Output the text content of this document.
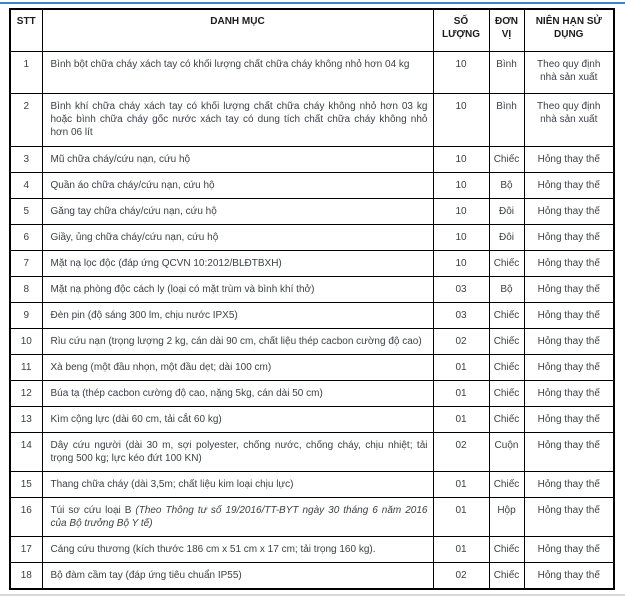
STT	DANH MỤC	SỐ LƯỢNG	ĐƠN VỊ	NIÊN HẠN SỬ DỤNG
1	Bình bột chữa cháy xách tay có khối lượng chất chữa cháy không nhỏ hơn 04 kg	10	Bình	Theo quy định nhà sản xuất
2	Bình khí chữa cháy xách tay có khối lượng chất chữa cháy không nhỏ hơn 03 kg hoặc bình chữa cháy gốc nước xách tay có dung tích chất chữa cháy không nhỏ hơn 06 lít	10	Bình	Theo quy định nhà sản xuất
3	Mũ chữa cháy/cứu nạn, cứu hộ	10	Chiếc	Hỏng thay thế
4	Quần áo chữa cháy/cứu nạn, cứu hộ	10	Bộ	Hỏng thay thế
5	Găng tay chữa cháy/cứu nạn, cứu hộ	10	Đôi	Hỏng thay thế
6	Giầy, ủng chữa cháy/cứu nạn, cứu hộ	10	Đôi	Hỏng thay thế
7	Mặt nạ lọc độc (đáp ứng QCVN 10:2012/BLĐTBXH)	10	Chiếc	Hỏng thay thế
8	Mặt nạ phòng độc cách ly (loại có mặt trùm và bình khí thở)	03	Bộ	Hỏng thay thế
9	Đèn pin (độ sáng 300 lm, chịu nước IPX5)	03	Chiếc	Hỏng thay thế
10	Rìu cứu nạn (trọng lượng 2 kg, cán dài 90 cm, chất liệu thép cacbon cường độ cao)	02	Chiếc	Hỏng thay thế
11	Xà beng (một đầu nhọn, một đầu dẹt; dài 100 cm)	01	Chiếc	Hỏng thay thế
12	Búa tạ (thép cacbon cường độ cao, nặng 5kg, cán dài 50 cm)	01	Chiếc	Hỏng thay thế
13	Kìm cộng lực (dài 60 cm, tải cắt 60 kg)	01	Chiếc	Hỏng thay thế
14	Dây cứu người (dài 30 m, sợi polyester, chống nước, chống cháy, chịu nhiệt; tải trọng 500 kg; lực kéo đứt 100 KN)	02	Cuộn	Hỏng thay thế
15	Thang chữa cháy (dài 3,5m; chất liệu kim loại chịu lực)	01	Chiếc	Hỏng thay thế
16	Túi sơ cứu loại B (Theo Thông tư số 19/2016/TT-BYT ngày 30 tháng 6 năm 2016 của Bộ trưởng Bộ Y tế)	01	Hộp	Hỏng thay thế
17	Cáng cứu thương (kích thước 186 cm x 51 cm x 17 cm; tải trọng 160 kg).	01	Chiếc	Hỏng thay thế
18	Bộ đàm cầm tay (đáp ứng tiêu chuẩn IP55)	02	Chiếc	Hỏng thay thế
